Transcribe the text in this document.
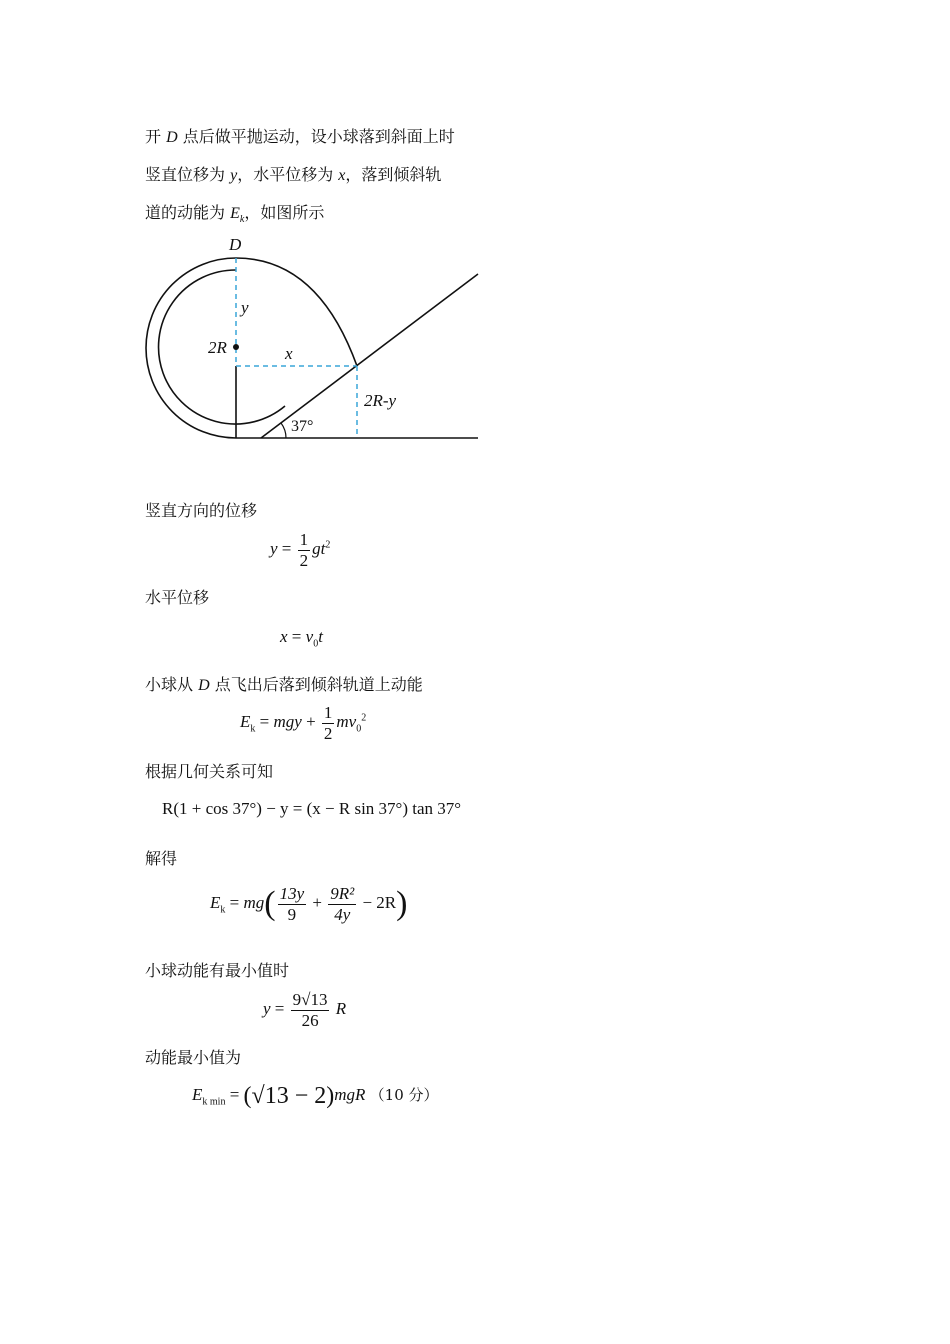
开 D 点后做平抛运动，设小球落到斜面上时
竖直位移为 y，水平位移为 x，落到倾斜轨
道的动能为 $E_k$，如图所示
D
y
2R	x
2R-y
37°
竖直方向的位移
水平位移
小球从 D 点飞出后落到倾斜轨道上动能
根据几何关系可知
解得
小球动能有最小值时
动能最小值为
$y = \frac{1}{2} gt^2$
$x = v_0t$
$E_k$ = mgy + $\frac{1}{2} mv_0^2$
R(1 + cos 37°) − y = (x − R sin 37°) tan 37°
$E_k = mg( \frac{13y}{9} + \frac{\text{9R²}}{4y} - 2R)$
$y = \frac{9√13}{26}$ R
$E_{k min} = (√13 - 2)mgR$ （10 分）
